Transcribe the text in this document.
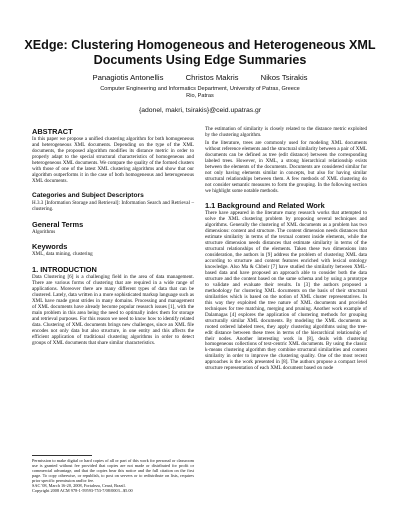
XEdge: Clustering Homogeneous and Heterogeneous XML Documents Using Edge Summaries
Panagiotis Antonellis	Christos Makris	Nikos Tsirakis
Computer Engineering and Informatics Department, University of Patras, Greece
Rio, Patras
{adonel, makri, tsirakis}@ceid.upatras.gr
ABSTRACT

In this paper we propose a unified clustering algorithm for both homogeneous and heterogeneous XML documents. Depending on the type of the XML documents, the proposed algorithm modifies its distance metric in order to properly adapt to the special structural characteristics of homogeneous and heterogeneous XML documents. We compare the quality of the formed clusters with those of one of the latest XML clustering algorithms and show that our algorithm outperforms it in the case of both homogeneous and heterogeneous XML documents.

Categories and Subject Descriptors

H.3.3 [Information Storage and Retrieval]: Information Search and Retrieval – clustering.

General Terms

Algorithms

Keywords

XML, data mining, clustering

1. INTRODUCTION

Data Clustering [6] is a challenging field in the area of data management. There are various forms of clustering that are required in a wide range of applications. Moreover there are many different types of data that can be clustered. Lately, data written in a more sophisticated markup language such as XML have made great strides in many domains. Processing and management of XML documents have already become popular research issues [1], with the main problem in this area being the need to optimally index them for storage and retrieval purposes. For this reason we need to know how to identify related data. Clustering of XML documents brings new challenges, since an XML file encodes not only data but also structure, in one entity and this affects the efficient application of traditional clustering algorithms in order to detect groups of XML documents that share similar characteristics.

Permission to make digital or hard copies of all or part of this work for personal or classroom use is granted without fee provided that copies are not made or distributed for profit or commercial advantage, and that the copies bear this notice and the full citation on the first page. To copy otherwise, or republish, to post on servers or to redistribute on lists, requires prior specific permission and/or fee.
SAC '08, March 16-20, 2008, Fortaleza, Ceará, Brazil.
Copyright 2008 ACM 978-1-59593-753-7/08/0003...$5.00

The estimation of similarity is closely related to the distance metric exploited by the clustering algorithm.

In the literature, trees are commonly used for modeling XML documents without reference elements and the structural similarity between a pair of XML documents can be defined as tree (edit distance) between the corresponding labeled trees. However, in XML, a strong hierarchical relationship exists between the elements of the documents. Documents are considered similar for not only having elements similar in concepts, but also for having similar structural relationships between them. A few methods of XML clustering do not consider semantic measures to form the grouping. In the following section we highlight some notable methods.

1.1 Background and Related Work

There have appeared in the literature many research works that attempted to solve the XML clustering problem by proposing several techniques and algorithms. Generally the clustering of XML documents as a problem has two dimensions: content and structure. The content dimension needs distances that estimate similarity in terms of the textual content inside elements, while the structure dimension needs distances that estimate similarity in terms of the structural relationships of the elements. Taken these two dimensions into consideration, the authors in [9] address the problem of clustering XML data according to structure and content features enriched with lexical ontology knowledge. Also Ma & Chbeir [7] have studied the similarity between XML-based data and have proposed an approach able to consider both the data structure and the content based on the same schema and by using a prototype to validate and evaluate their results. In [3] the authors proposed a methodology for clustering XML documents on the basis of their structural similarities which is based on the notion of XML cluster representatives. In this way they exploited the tree nature of XML documents and provided techniques for tree matching, merging and pruning. Another work example of Dalamagas [4] explores the application of clustering methods for grouping structurally similar XML documents. By modeling the XML documents as rooted ordered labeled trees, they apply clustering algorithms using the tree-edit distance between these trees in terms of the hierarchical relationship of their nodes. Another interesting work in [8], deals with clustering homogeneous collections of text-centric XML documents. By using the classic k-means clustering algorithm they combine structural similarities and content similarity in order to improve the clustering quality. One of the most recent approaches is the work presented in [8]. The authors propose a compact level structure representation of each XML document based on node
